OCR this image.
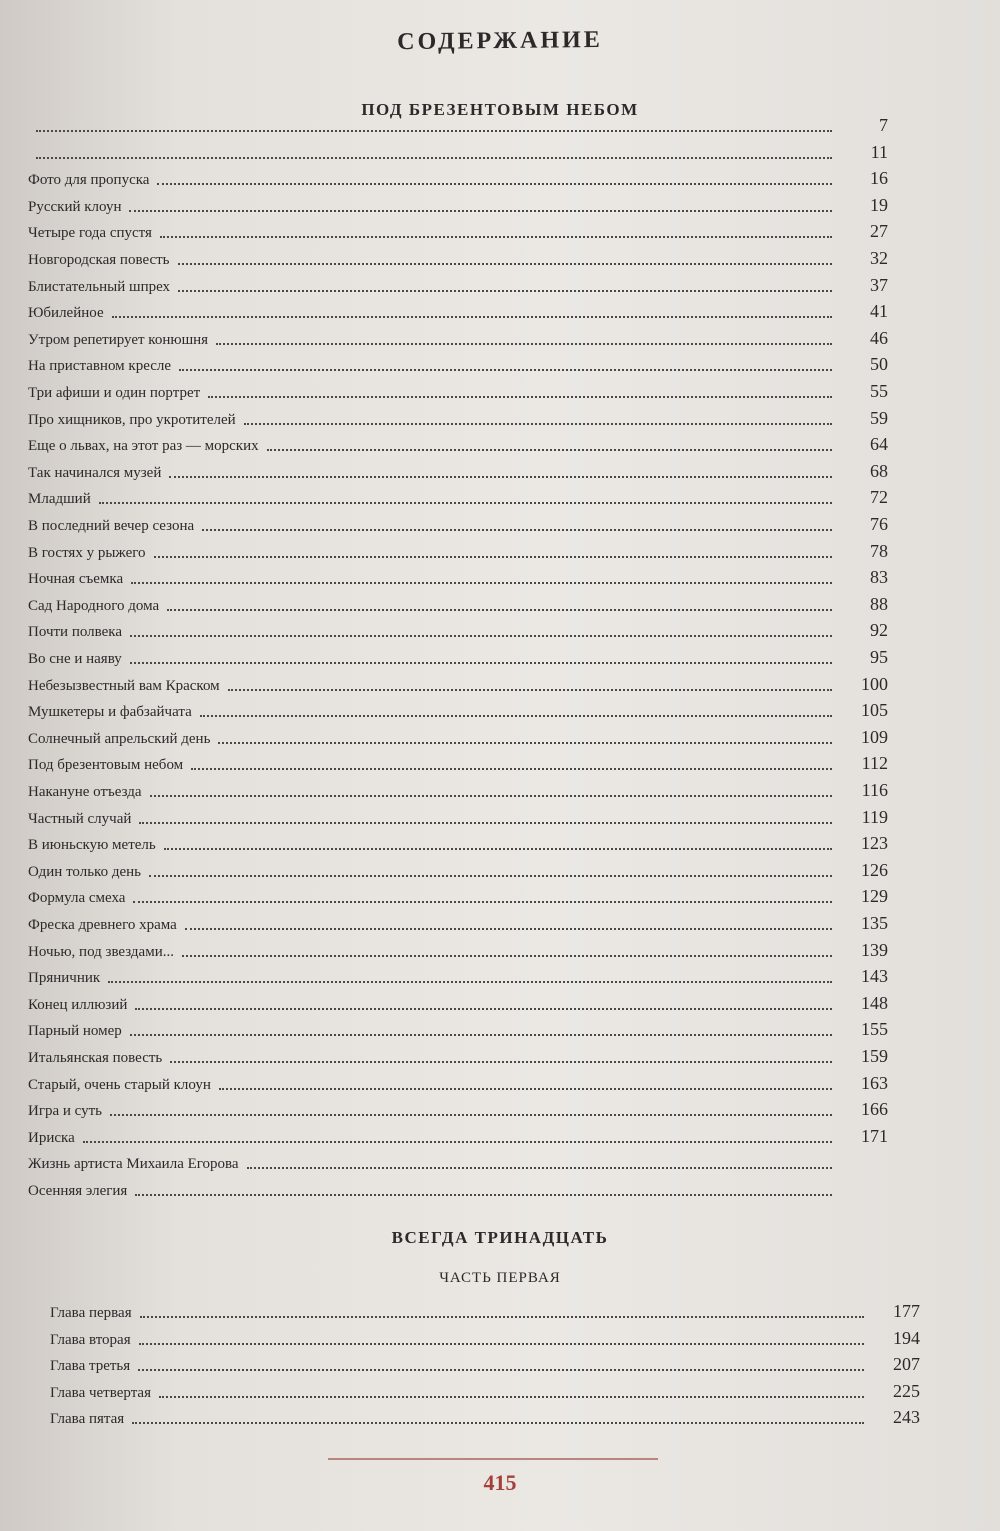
СОДЕРЖАНИЕ
ПОД БРЕЗЕНТОВЫМ НЕБОМ
7
11
Фото для пропуска	16
Русский клоун	19
Четыре года спустя	27
Новгородская повесть	32
Блистательный шпрех	37
Юбилейное	41
Утром репетирует конюшня	46
На приставном кресле	50
Три афиши и один портрет	55
Про хищников, про укротителей	59
Еще о львах, на этот раз — морских	64
Так начинался музей	68
Младший	72
В последний вечер сезона	76
В гостях у рыжего	78
Ночная съемка	83
Сад Народного дома	88
Почти полвека	92
Во сне и наяву	95
Небезызвестный вам Краском	100
Мушкетеры и фабзайчата	105
Солнечный апрельский день	109
Под брезентовым небом	112
Накануне отъезда	116
Частный случай	119
В июньскую метель	123
Один только день	126
Формула смеха	129
Фреска древнего храма	135
Ночью, под звездами...	139
Пряничник	143
Конец иллюзий	148
Парный номер	155
Итальянская повесть	159
Старый, очень старый клоун	163
Игра и суть	166
Ириска	171
Жизнь артиста Михаила Егорова
Осенняя элегия
ВСЕГДА ТРИНАДЦАТЬ
ЧАСТЬ ПЕРВАЯ
Глава первая	177
Глава вторая	194
Глава третья	207
Глава четвертая	225
Глава пятая	243
415
